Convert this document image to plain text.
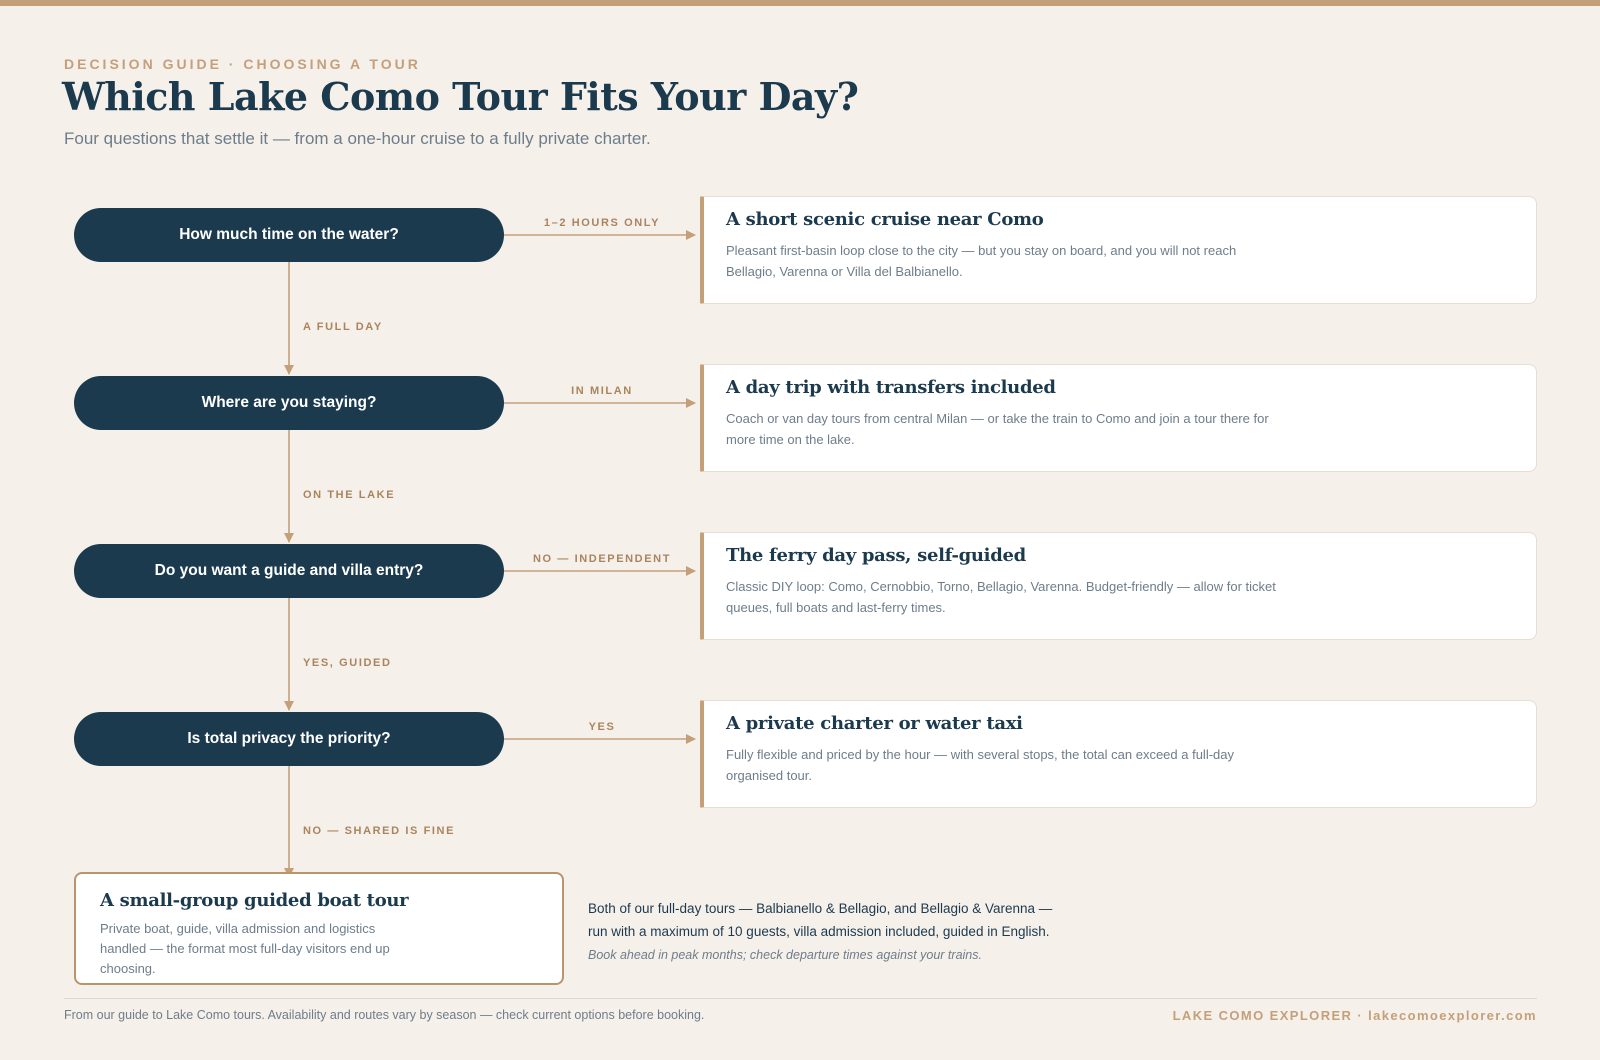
DECISION GUIDE · CHOOSING A TOUR
Which Lake Como Tour Fits Your Day?
Four questions that settle it — from a one-hour cruise to a fully private charter.
1–2 HOURS ONLY
IN MILAN
NO — INDEPENDENT
YES
A FULL DAY
ON THE LAKE
YES, GUIDED
NO — SHARED IS FINE
How much time on the water?
Where are you staying?
Do you want a guide and villa entry?
Is total privacy the priority?
A short scenic cruise near Como
Pleasant first-basin loop close to the city — but you stay on board, and you will not reach Bellagio, Varenna or Villa del Balbianello.
A day trip with transfers included
Coach or van day tours from central Milan — or take the train to Como and join a tour there for more time on the lake.
The ferry day pass, self-guided
Classic DIY loop: Como, Cernobbio, Torno, Bellagio, Varenna. Budget-friendly — allow for ticket queues, full boats and last-ferry times.
A private charter or water taxi
Fully flexible and priced by the hour — with several stops, the total can exceed a full-day organised tour.
A small-group guided boat tour
Private boat, guide, villa admission and logistics handled — the format most full-day visitors end up choosing.
Both of our full-day tours — Balbianello & Bellagio, and Bellagio & Varenna — run with a maximum of 10 guests, villa admission included, guided in English.
Book ahead in peak months; check departure times against your trains.
From our guide to Lake Como tours. Availability and routes vary by season — check current options before booking.	LAKE COMO EXPLORER · lakecomoexplorer.com
